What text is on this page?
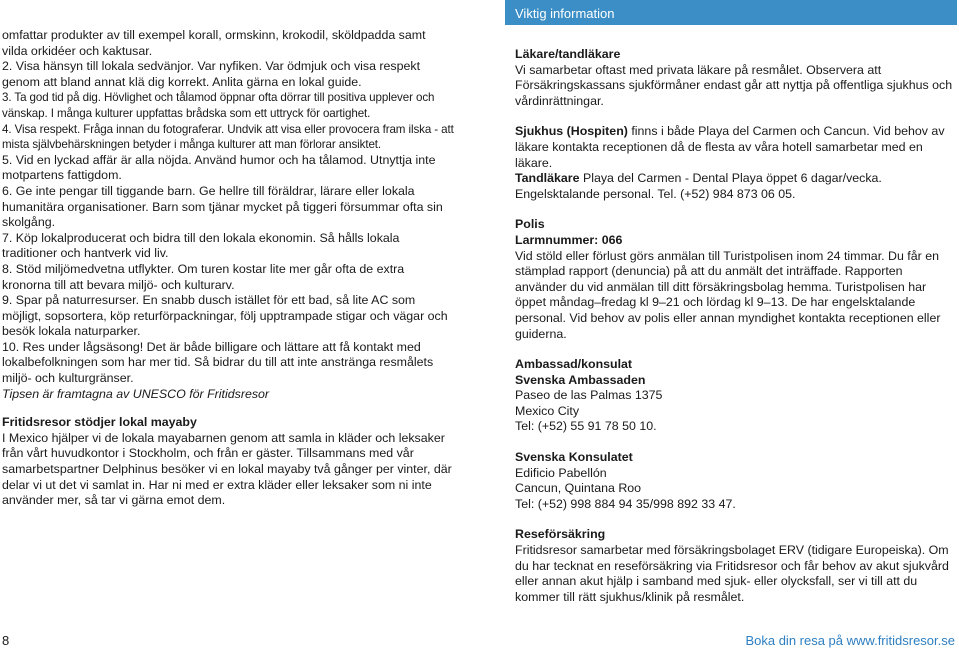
omfattar produkter av till exempel korall, ormskinn, krokodil, sköldpadda samt vilda orkidéer och kaktusar.

2. Visa hänsyn till lokala sedvänjor. Var nyfiken. Var ödmjuk och visa respekt genom att bland annat klä dig korrekt. Anlita gärna en lokal guide.

3. Ta god tid på dig. Hövlighet och tålamod öppnar ofta dörrar till positiva upplever och vänskap. I många kulturer uppfattas brådska som ett uttryck för oartighet.

4. Visa respekt. Fråga innan du fotograferar. Undvik att visa eller provocera fram ilska - att mista självbehärskningen betyder i många kulturer att man förlorar ansiktet.

5. Vid en lyckad affär är alla nöjda. Använd humor och ha tålamod. Utnyttja inte motpartens fattigdom.

6. Ge inte pengar till tiggande barn. Ge hellre till föräldrar, lärare eller lokala humanitära organisationer. Barn som tjänar mycket på tiggeri försummar ofta sin skolgång.

7. Köp lokalproducerat och bidra till den lokala ekonomin. Så hålls lokala traditioner och hantverk vid liv.

8. Stöd miljömedvetna utflykter. Om turen kostar lite mer går ofta de extra kronorna till att bevara miljö- och kulturarv.

9. Spar på naturresurser. En snabb dusch istället för ett bad, så lite AC som möjligt, sopsortera, köp returförpackningar, följ upptrampade stigar och vägar och besök lokala naturparker.

10. Res under lågsäsong! Det är både billigare och lättare att få kontakt med lokalbefolkningen som har mer tid. Så bidrar du till att inte anstränga resmålets miljö- och kulturgränser.

Tipsen är framtagna av UNESCO för Fritidsresor

Fritidsresor stödjer lokal mayaby

I Mexico hjälper vi de lokala mayabarnen genom att samla in kläder och leksaker från vårt huvudkontor i Stockholm, och från er gäster. Tillsammans med vår samarbetspartner Delphinus besöker vi en lokal mayaby två gånger per vinter, där delar vi ut det vi samlat in. Har ni med er extra kläder eller leksaker som ni inte använder mer, så tar vi gärna emot dem.

Viktig information

Läkare/tandläkare

Vi samarbetar oftast med privata läkare på resmålet. Observera att Försäkringskassans sjukförmåner endast går att nyttja på offentliga sjukhus och vårdinrättningar.

Sjukhus (Hospiten) finns i både Playa del Carmen och Cancun. Vid behov av läkare kontakta receptionen då de flesta av våra hotell samarbetar med en läkare.

Tandläkare Playa del Carmen - Dental Playa öppet 6 dagar/vecka. Engelsktalande personal. Tel. (+52) 984 873 06 05.

Polis

Larmnummer: 066

Vid stöld eller förlust görs anmälan till Turistpolisen inom 24 timmar. Du får en stämplad rapport (denuncia) på att du anmält det inträffade. Rapporten använder du vid anmälan till ditt försäkringsbolag hemma. Turistpolisen har öppet måndag–fredag kl 9–21 och lördag kl 9–13. De har engelsktalande personal. Vid behov av polis eller annan myndighet kontakta receptionen eller guiderna.

Ambassad/konsulat

Svenska Ambassaden

Paseo de las Palmas 1375

Mexico City

Tel: (+52) 55 91 78 50 10.

Svenska Konsulatet

Edificio Pabellón

Cancun, Quintana Roo

Tel: (+52) 998 884 94 35/998 892 33 47.

Reseförsäkring

Fritidsresor samarbetar med försäkringsbolaget ERV (tidigare Europeiska). Om du har tecknat en reseförsäkring via Fritidsresor och får behov av akut sjukvård eller annan akut hjälp i samband med sjuk- eller olycksfall, ser vi till att du kommer till rätt sjukhus/klinik på resmålet.

8	Boka din resa på www.fritidsresor.se
